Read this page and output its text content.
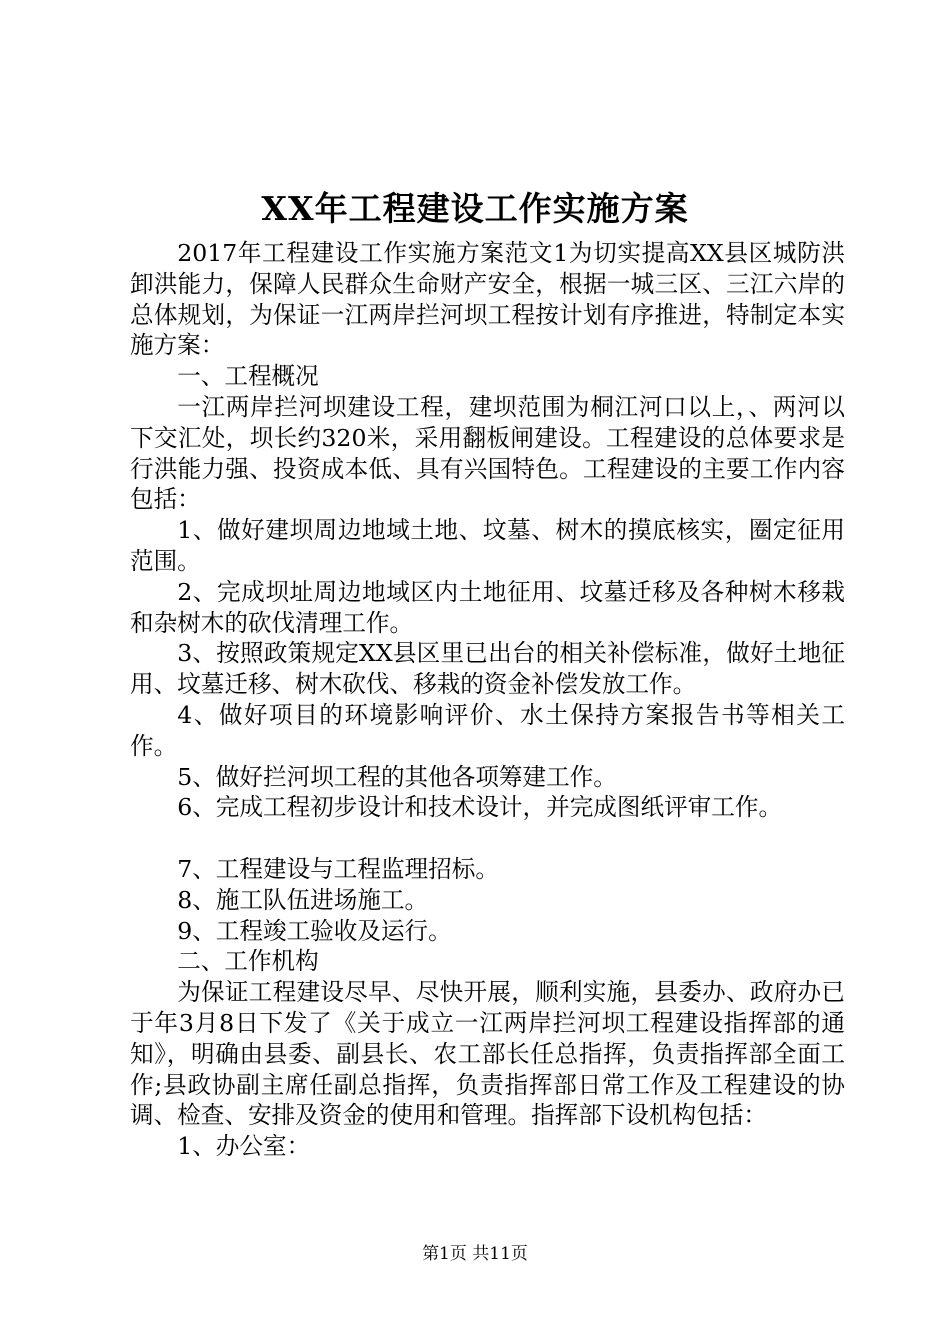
XX年工程建设工作实施方案

2017年工程建设工作实施方案范文1为切实提高XX县区城防洪卸洪能力，保障人民群众生命财产安全，根据一城三区、三江六岸的总体规划，为保证一江两岸拦河坝工程按计划有序推进，特制定本实施方案：

一、工程概况

一江两岸拦河坝建设工程，建坝范围为桐江河口以上，、两河以下交汇处，坝长约320米，采用翻板闸建设。工程建设的总体要求是行洪能力强、投资成本低、具有兴国特色。工程建设的主要工作内容包括：

1、做好建坝周边地域土地、坟墓、树木的摸底核实，圈定征用范围。

2、完成坝址周边地域区内土地征用、坟墓迁移及各种树木移栽和杂树木的砍伐清理工作。

3、按照政策规定XX县区里已出台的相关补偿标准，做好土地征用、坟墓迁移、树木砍伐、移栽的资金补偿发放工作。

4、做好项目的环境影响评价、水土保持方案报告书等相关工作。

5、做好拦河坝工程的其他各项筹建工作。

6、完成工程初步设计和技术设计，并完成图纸评审工作。

7、工程建设与工程监理招标。

8、施工队伍进场施工。

9、工程竣工验收及运行。

二、工作机构

为保证工程建设尽早、尽快开展，顺利实施，县委办、政府办已于年3月8日下发了《关于成立一江两岸拦河坝工程建设指挥部的通知》，明确由县委、副县长、农工部长任总指挥，负责指挥部全面工作;县政协副主席任副总指挥，负责指挥部日常工作及工程建设的协调、检查、安排及资金的使用和管理。指挥部下设机构包括：

1、办公室：

第1页 共11页
